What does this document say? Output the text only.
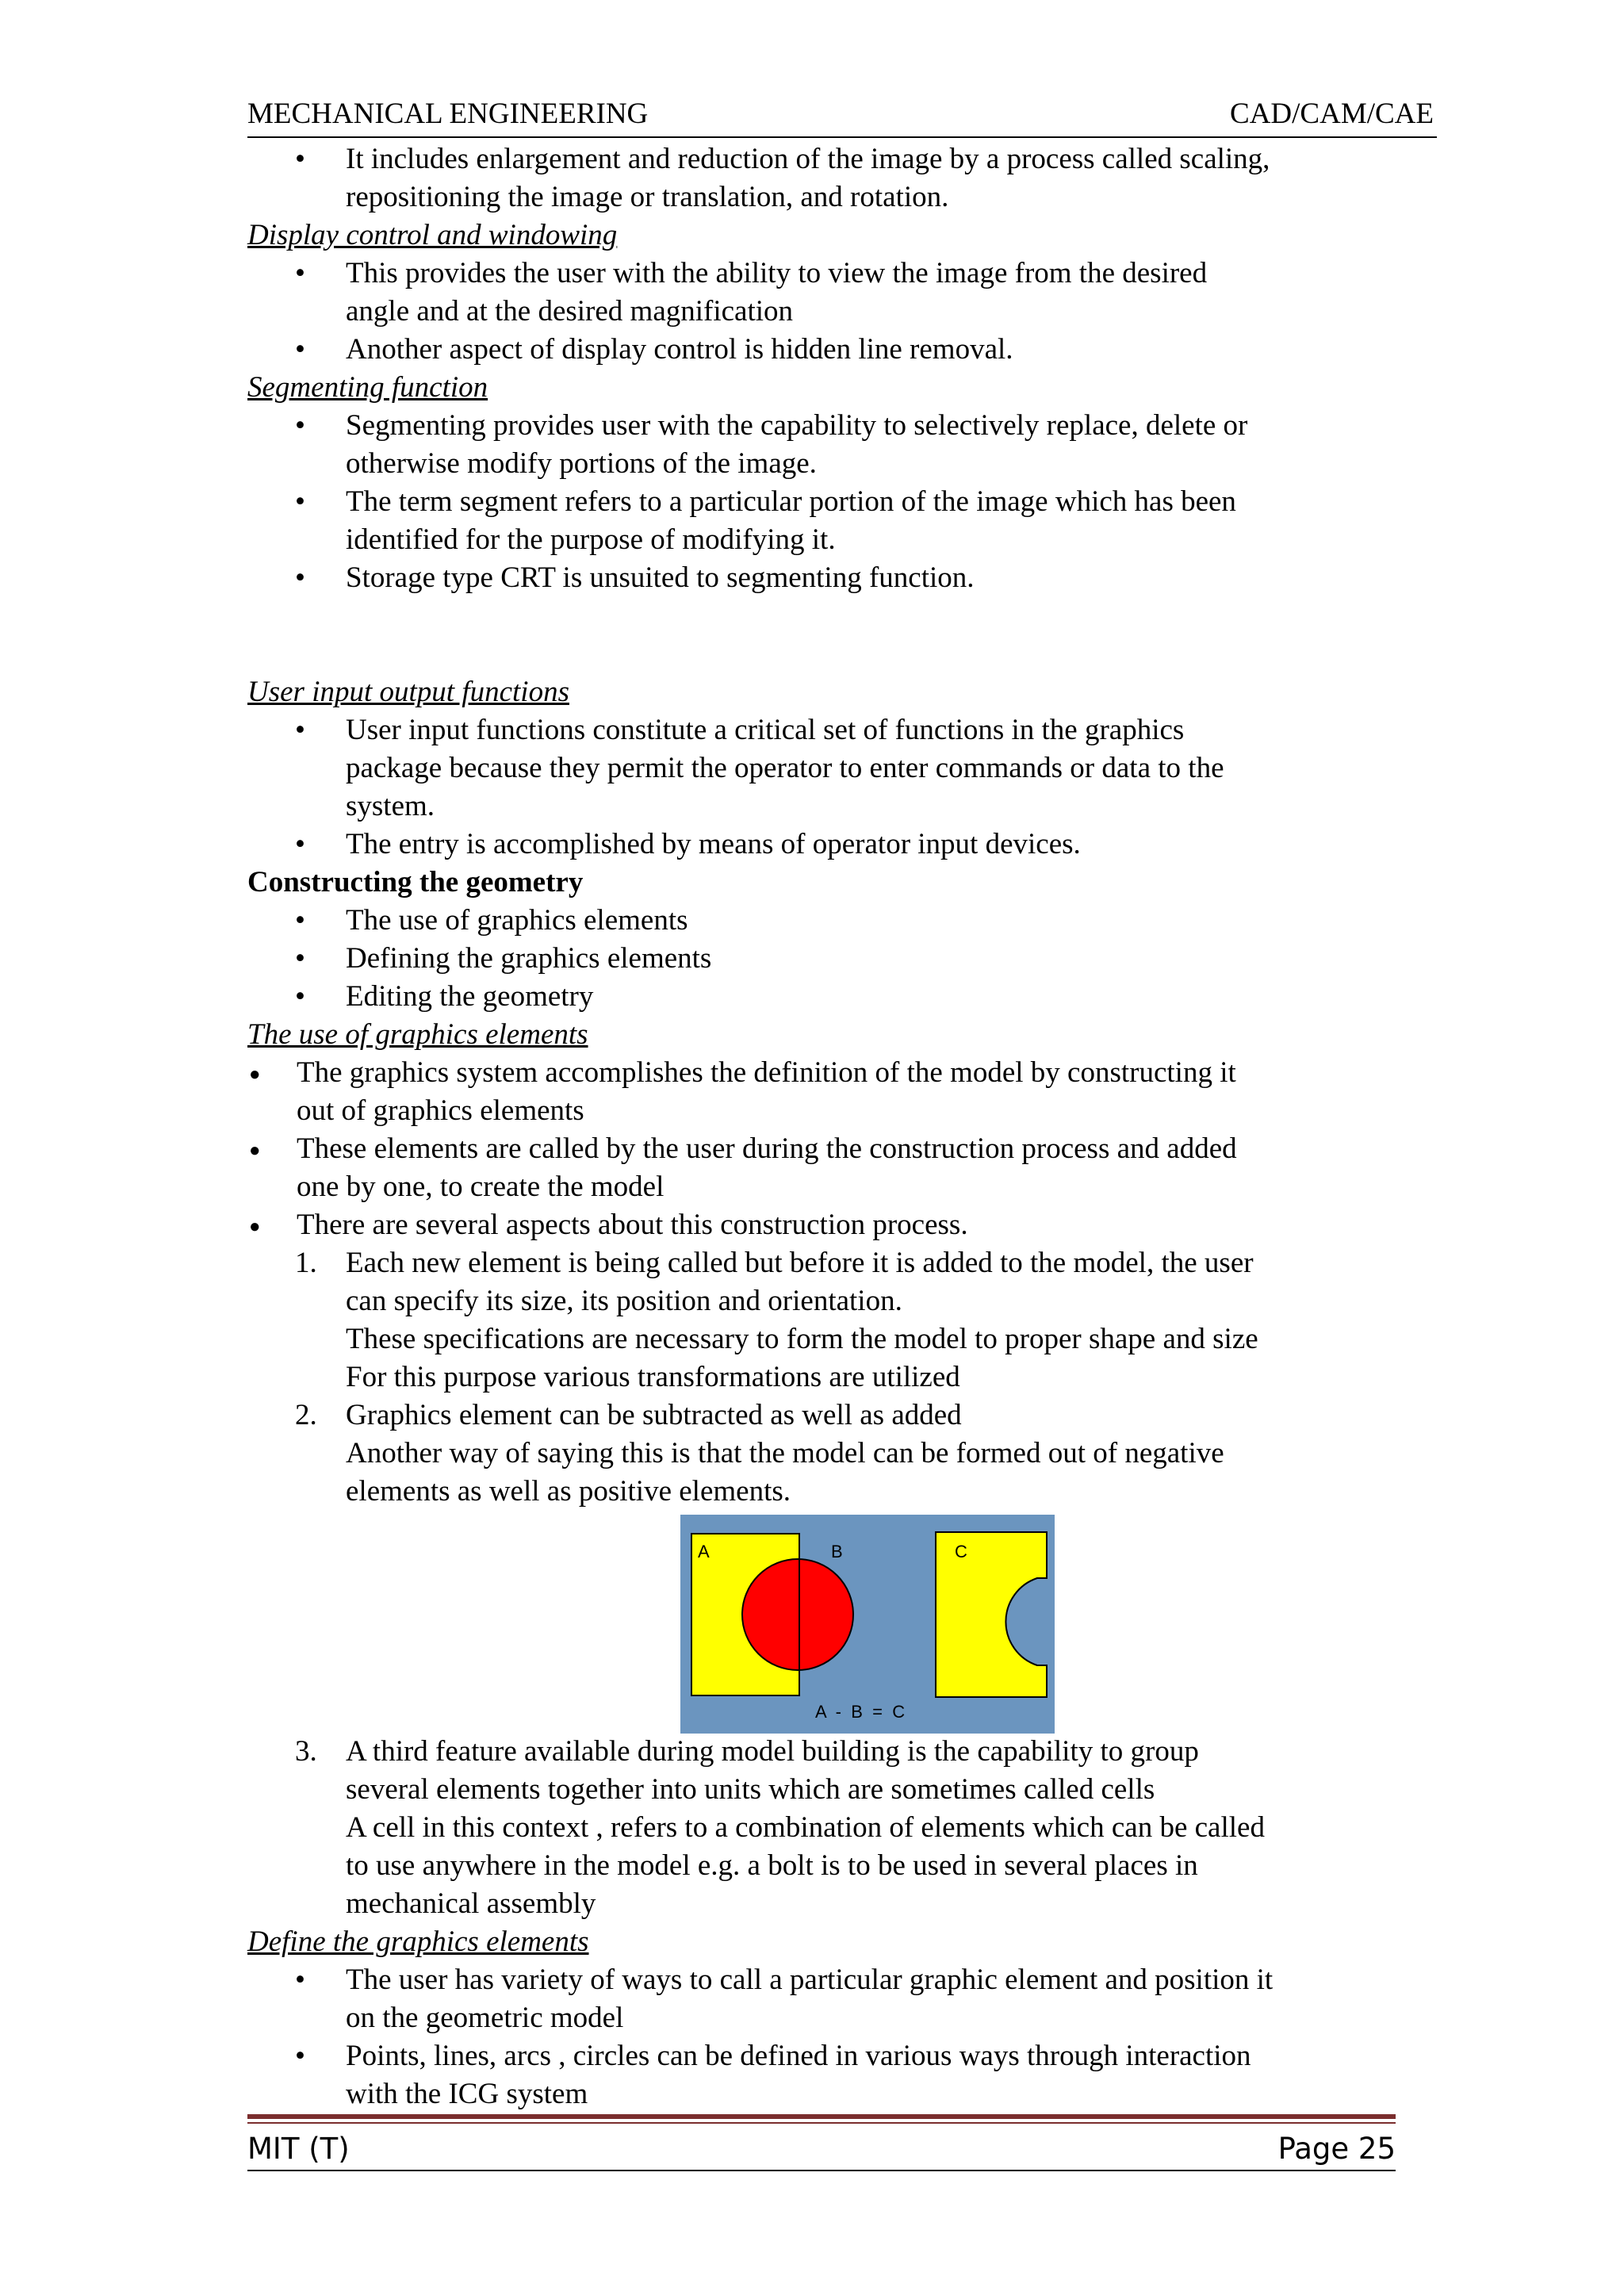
MECHANICAL ENGINEERING	CAD/CAM/CAE
• It includes enlargement and reduction of the image by a process called scaling,
repositioning the image or translation, and rotation.
Display control and windowing
• This provides the user with the ability to view the image from the desired
angle and at the desired magnification
• Another aspect of display control is hidden line removal.
Segmenting function
• Segmenting provides user with the capability to selectively replace, delete or
otherwise modify portions of the image.
• The term segment refers to a particular portion of the image which has been
identified for the purpose of modifying it.
• Storage type CRT is unsuited to segmenting function.
User input output functions
• User input functions constitute a critical set of functions in the graphics
package because they permit the operator to enter commands or data to the
system.
• The entry is accomplished by means of operator input devices.
Constructing the geometry
• The use of graphics elements
• Defining the graphics elements
• Editing the geometry
The use of graphics elements
● The graphics system accomplishes the definition of the model by constructing it
out of graphics elements
● These elements are called by the user during the construction process and added
one by one, to create the model
● There are several aspects about this construction process.
1. Each new element is being called but before it is added to the model, the user
can specify its size, its position and orientation.
These specifications are necessary to form the model to proper shape and size
For this purpose various transformations are utilized
2. Graphics element can be subtracted as well as added
Another way of saying this is that the model can be formed out of negative
elements as well as positive elements.
A	B	C
A  -  B  =  C
3. A third feature available during model building is the capability to group
several elements together into units which are sometimes called cells
A cell in this context , refers to a combination of elements which can be called
to use anywhere in the model e.g. a bolt is to be used in several places in
mechanical assembly
Define the graphics elements
• The user has variety of ways to call a particular graphic element and position it
on the geometric model
• Points, lines, arcs , circles can be defined in various ways through interaction
with the ICG system
MIT (T)	Page 25
